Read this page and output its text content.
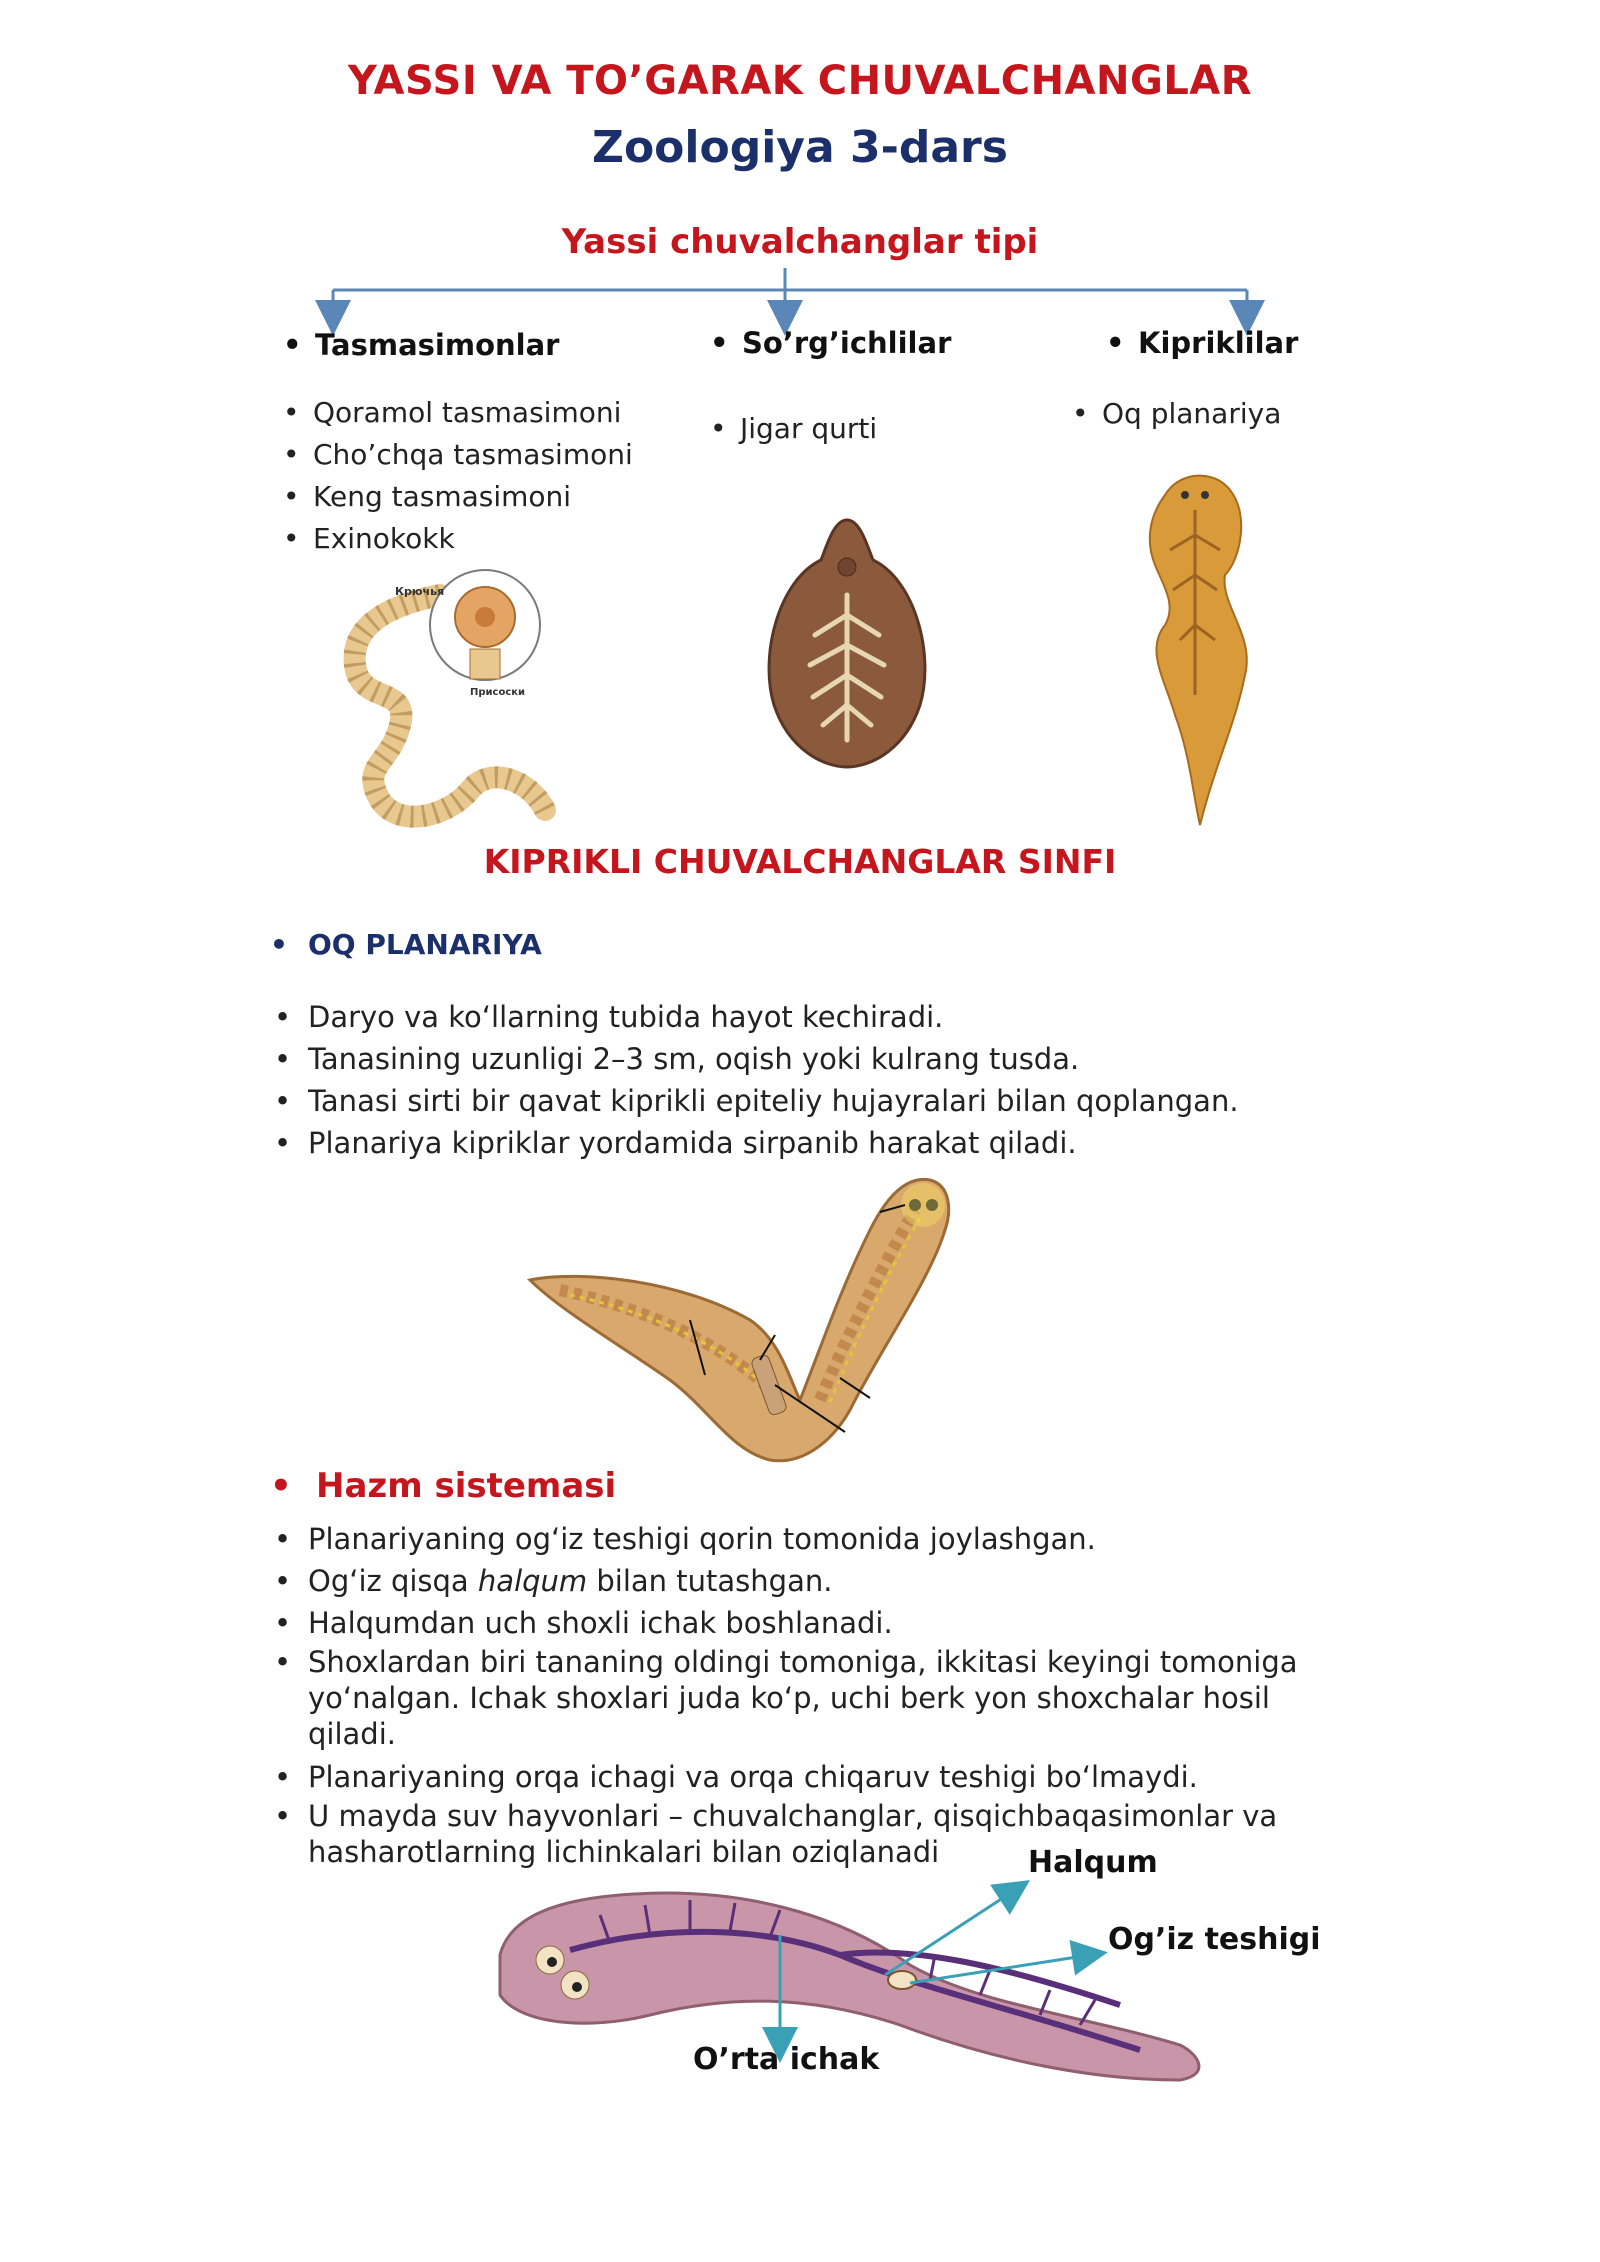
YASSI VA TO’GARAK CHUVALCHANGLAR
Zoologiya 3-dars
Yassi chuvalchanglar tipi
• Tasmasimonlar
• Qoramol tasmasimoni
• Cho’chqa tasmasimoni
• Keng tasmasimoni
• Exinokokk
• So’rg’ichlilar
• Jigar qurti
• Kipriklilar
• Oq planariya
Крючья
Присоски
KIPRIKLI CHUVALCHANGLAR SINFI
• OQ PLANARIYA
• Daryo va ko‘llarning tubida hayot kechiradi.
• Tanasining uzunligi 2–3 sm, oqish yoki kulrang tusda.
• Tanasi sirti bir qavat kiprikli epiteliy hujayralari bilan qoplangan.
• Planariya kipriklar yordamida sirpanib harakat qiladi.
• Hazm sistemasi
• Planariyaning og‘iz teshigi qorin tomonida joylashgan.
• Og‘iz qisqa halqum bilan tutashgan.
• Halqumdan uch shoxli ichak boshlanadi.
• Shoxlardan biri tananing oldingi tomoniga, ikkitasi keyingi tomoniga yo‘nalgan. Ichak shoxlari juda ko‘p, uchi berk yon shoxchalar hosil qiladi.
• Planariyaning orqa ichagi va orqa chiqaruv teshigi bo‘lmaydi.
• U mayda suv hayvonlari – chuvalchanglar, qisqichbaqasimonlar va hasharotlarning lichinkalari bilan oziqlanadi	Halqum
Og’iz teshigi
O’rta ichak
